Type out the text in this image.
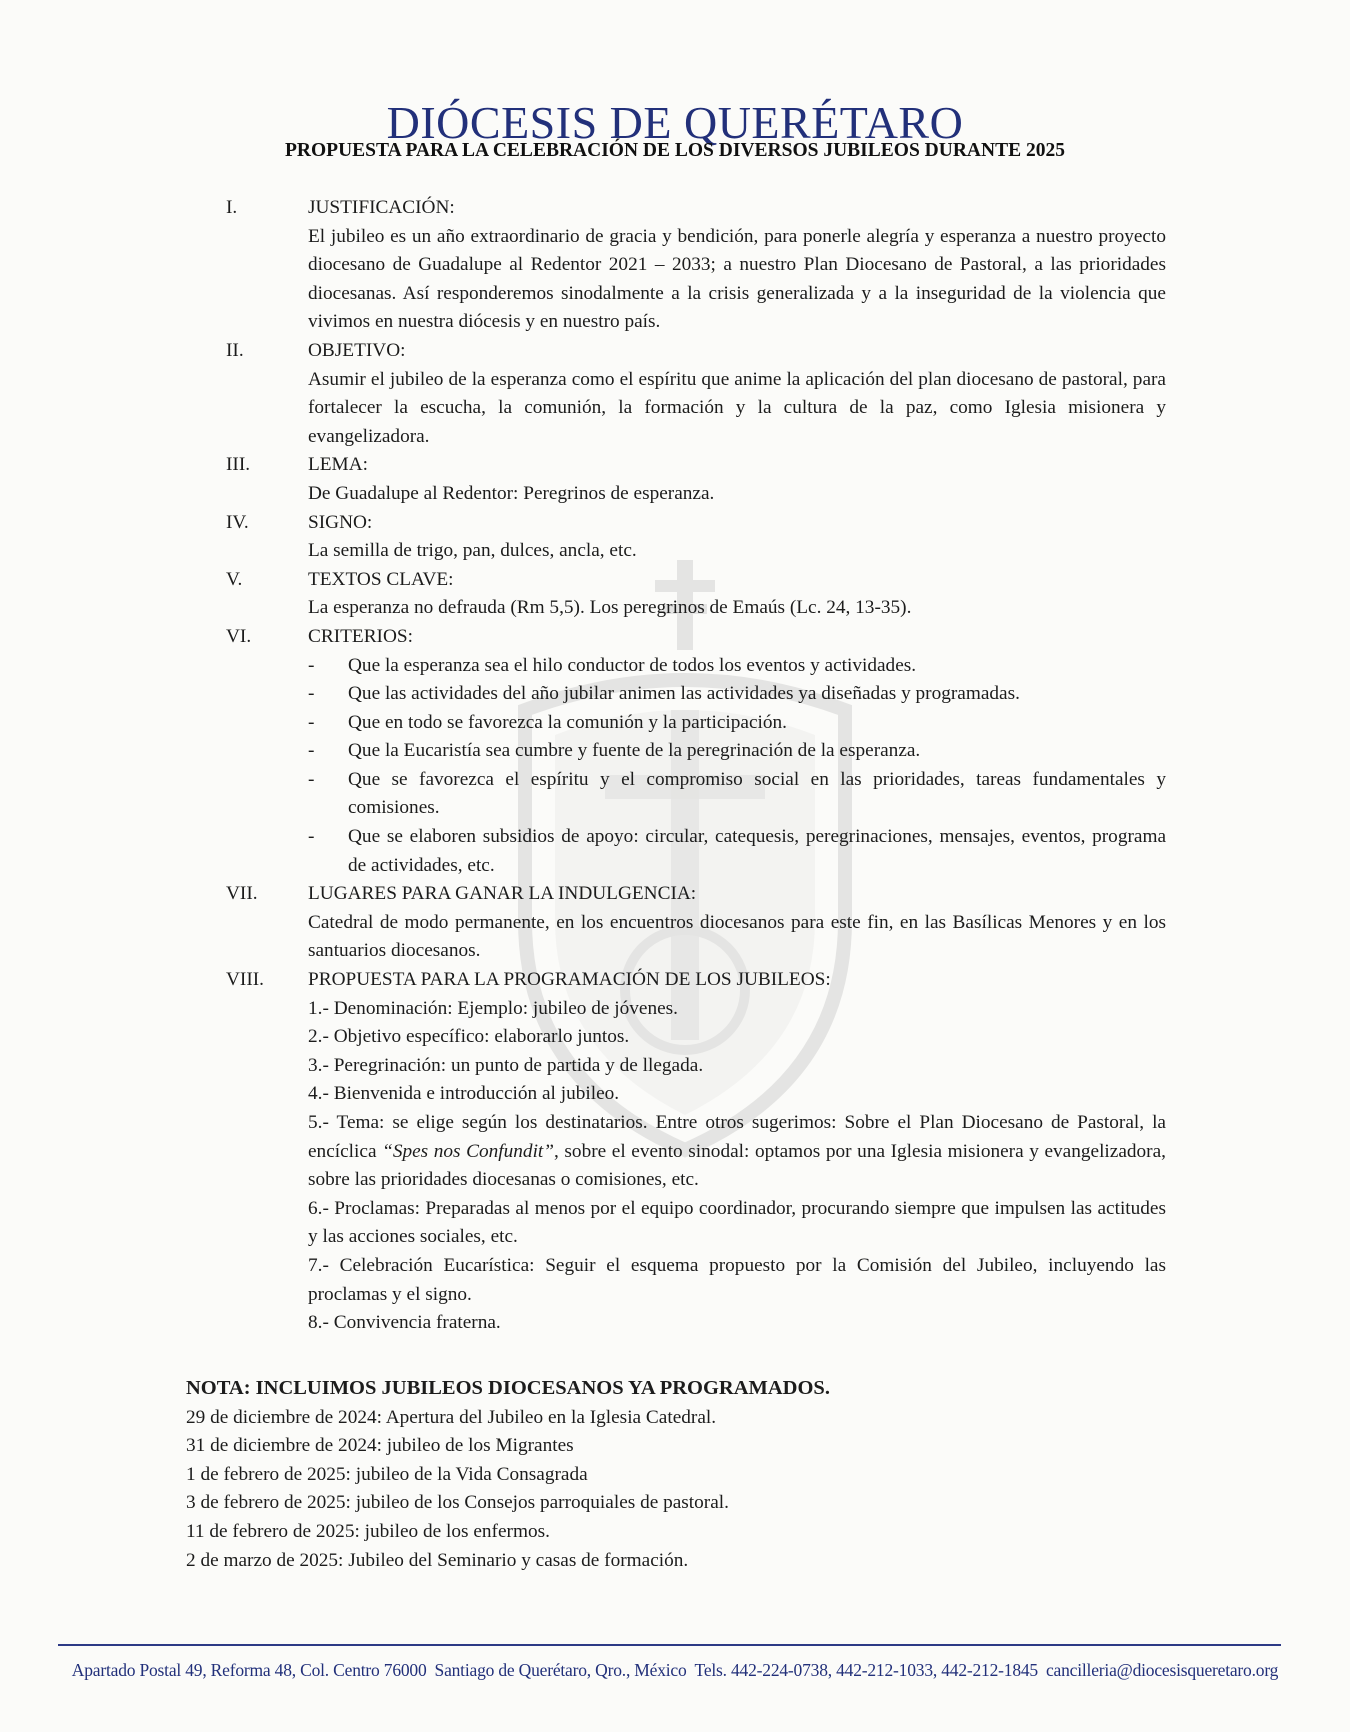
DIÓCESIS DE QUERÉTARO
PROPUESTA PARA LA CELEBRACIÓN DE LOS DIVERSOS JUBILEOS DURANTE 2025
I.	JUSTIFICACIÓN:
El jubileo es un año extraordinario de gracia y bendición, para ponerle alegría y esperanza a nuestro proyecto diocesano de Guadalupe al Redentor 2021 – 2033; a nuestro Plan Diocesano de Pastoral, a las prioridades diocesanas. Así responderemos sinodalmente a la crisis generalizada y a la inseguridad de la violencia que vivimos en nuestra diócesis y en nuestro país.
II.	OBJETIVO:
Asumir el jubileo de la esperanza como el espíritu que anime la aplicación del plan diocesano de pastoral, para fortalecer la escucha, la comunión, la formación y la cultura de la paz, como Iglesia misionera y evangelizadora.
III.	LEMA:
De Guadalupe al Redentor: Peregrinos de esperanza.
IV.	SIGNO:
La semilla de trigo, pan, dulces, ancla, etc.
V.	TEXTOS CLAVE:
La esperanza no defrauda (Rm 5,5). Los peregrinos de Emaús (Lc. 24, 13-35).
VI.	CRITERIOS:
-	Que la esperanza sea el hilo conductor de todos los eventos y actividades.
-	Que las actividades del año jubilar animen las actividades ya diseñadas y programadas.
-	Que en todo se favorezca la comunión y la participación.
-	Que la Eucaristía sea cumbre y fuente de la peregrinación de la esperanza.
-	Que se favorezca el espíritu y el compromiso social en las prioridades, tareas fundamentales y comisiones.
-	Que se elaboren subsidios de apoyo: circular, catequesis, peregrinaciones, mensajes, eventos, programa de actividades, etc.
VII.	LUGARES PARA GANAR LA INDULGENCIA:
Catedral de modo permanente, en los encuentros diocesanos para este fin, en las Basílicas Menores y en los santuarios diocesanos.
VIII.	PROPUESTA PARA LA PROGRAMACIÓN DE LOS JUBILEOS:
1.- Denominación: Ejemplo: jubileo de jóvenes.
2.- Objetivo específico: elaborarlo juntos.
3.- Peregrinación: un punto de partida y de llegada.
4.- Bienvenida e introducción al jubileo.
5.- Tema: se elige según los destinatarios. Entre otros sugerimos: Sobre el Plan Diocesano de Pastoral, la encíclica “Spes nos Confundit”, sobre el evento sinodal: optamos por una Iglesia misionera y evangelizadora, sobre las prioridades diocesanas o comisiones, etc.
6.- Proclamas: Preparadas al menos por el equipo coordinador, procurando siempre que impulsen las actitudes y las acciones sociales, etc.
7.- Celebración Eucarística: Seguir el esquema propuesto por la Comisión del Jubileo, incluyendo las proclamas y el signo.
8.- Convivencia fraterna.
NOTA: INCLUIMOS JUBILEOS DIOCESANOS YA PROGRAMADOS.
29 de diciembre de 2024: Apertura del Jubileo en la Iglesia Catedral.
31 de diciembre de 2024: jubileo de los Migrantes
1 de febrero de 2025: jubileo de la Vida Consagrada
3 de febrero de 2025: jubileo de los Consejos parroquiales de pastoral.
11 de febrero de 2025: jubileo de los enfermos.
2 de marzo de 2025: Jubileo del Seminario y casas de formación.
Apartado Postal 49, Reforma 48, Col. Centro 76000 Santiago de Querétaro, Qro., México Tels. 442-224-0738, 442-212-1033, 442-212-1845 cancilleria@diocesisqueretaro.org
